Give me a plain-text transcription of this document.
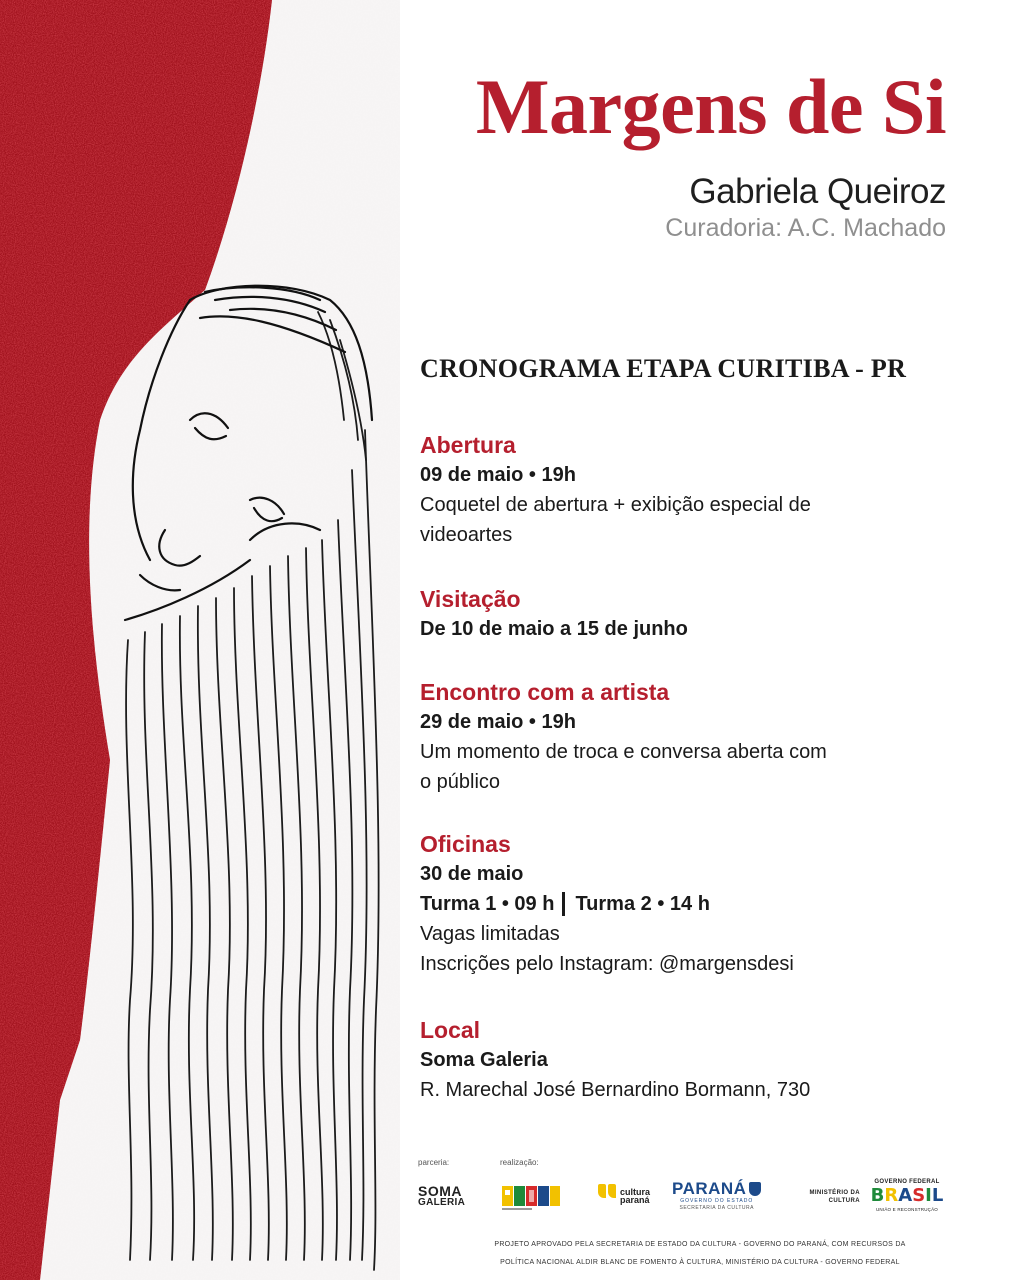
Margens de Si
Gabriela Queiroz
Curadoria: A.C. Machado
CRONOGRAMA ETAPA CURITIBA - PR
Abertura
09 de maio • 19h
Coquetel de abertura + exibição especial de
videoartes
Visitação
De 10 de maio a 15 de junho
Encontro com a artista
29 de maio • 19h
Um momento de troca e conversa aberta com
o público
Oficinas
30 de maio
Turma 1 • 09 h Turma 2 • 14 h
Vagas limitadas
Inscrições pelo Instagram: @margensdesi
Local
Soma Galeria
R. Marechal José Bernardino Bormann, 730
parceria:	realização:
SOMA
GALERIA
cultura
paraná
PARANÁ
GOVERNO DO ESTADO
SECRETARIA DA CULTURA
MINISTÉRIO DA CULTURA
GOVERNO FEDERAL
B R A S I L
UNIÃO E RECONSTRUÇÃO
PROJETO APROVADO PELA SECRETARIA DE ESTADO DA CULTURA - GOVERNO DO PARANÁ, COM RECURSOS DA
POLÍTICA NACIONAL ALDIR BLANC DE FOMENTO À CULTURA, MINISTÉRIO DA CULTURA - GOVERNO FEDERAL
